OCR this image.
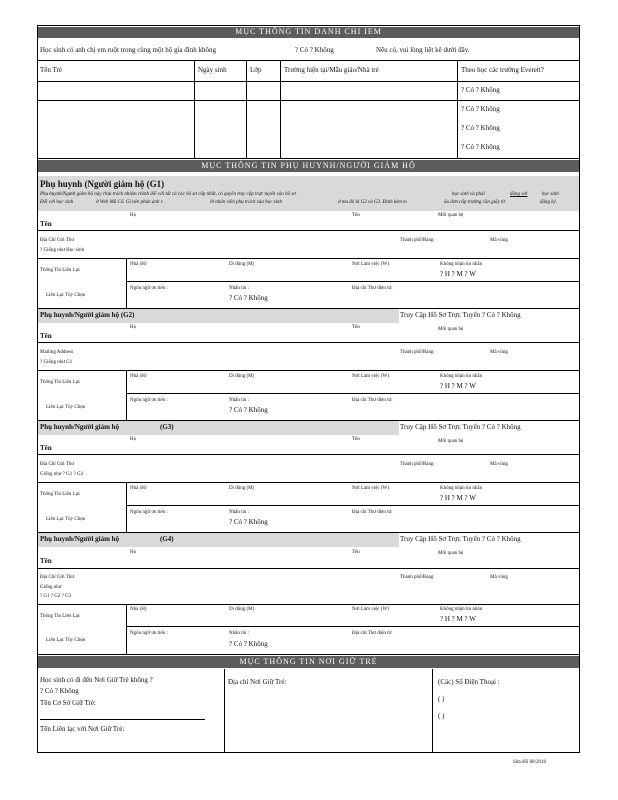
MỤC THÔNG TIN DANH CHI IEM
Học sinh có anh chị em ruột trong cùng một hộ gia đình không	? Có ? Không	Nếu có, vui lòng liệt kê dưới đây.
Tên Trẻ	Ngày sinh	Lớp	Trường hiện tại/Mẫu giáo/Nhà trẻ	Theo học các trường Everett?
? Có ? Không
? Có ? Không
? Có ? Không
? Có ? Không
MỤC THÔNG TIN PHỤ HUYNH/NGƯỜI GIÁM HỘ
Phụ huynh (Người giám hộ (G1)
Phụ huynh/Người giám hộ này chịu trách nhiệm chính đối với tất cả các hồ sơ cấp nhất, có quyền truy cập trực tuyến vào hồ sơ
Đối với học sinh	ở Web Mã Cổ. Gi nên phản ánh v	ới nhân viên phụ trách của học sinh	ở mu đó là G2 và G3. Đính kèm m
học sinh và phải	đăng với	học sinh
ẩu đơn cấp trường cần giấy tờ	đăng ký.
Họ	Tên	Mối quan hệ
Tên
Địa Chỉ Gửi Thư	Thành phố/Bang	Mã vùng
? Giống như Học sinh
Thông Tin Liên Lạc
Nhà (H)	Di động (M)	Nơi Làm việc (W)	Không nhận tin nhắn
? H ? M ? W
Liên Lạc Tùy Chọn
Ngôn ngữ ưu tiên :	Nhắn tin :
? Có ? Không
Địa chỉ Thư điện tử:
Phụ huynh/Người giám hộ (G2)	Truy Cập Hồ Sơ Trực Tuyến ? Có ? Không
Họ	Tên	Mối quan hệ
Tên
Mailing Address	Thành phố/Bang	Mã vùng
? Giống như G1
Thông Tin Liên Lạc
Nhà (H)	Di động (M)	Nơi Làm việc (W)	Không nhận tin nhắn
? H ? M ? W
Liên Lạc Tùy Chọn
Ngôn ngữ ưu tiên :	Nhắn tin :
? Có ? Không
Địa chỉ Thư điện tử:
Phụ huynh/Người giám hộ	(G3)	Truy Cập Hồ Sơ Trực Tuyến ? Có ? Không
Họ	Tên	Mối quan hệ
Tên
Địa Chỉ Gửi Thư	Thành phố/Bang	Mã vùng
Giống như ? G1 ? G2
Thông Tin Liên Lạc
Nhà (H)	Di động (M)	Nơi Làm việc (W)	Không nhận tin nhắn
? H ? M ? W
Liên Lạc Tùy Chọn
Ngôn ngữ ưu tiên :	Nhắn tin :
? Có ? Không
Địa chỉ Thư điện tử:
Phụ huynh/Người giám hộ	(G4)	Truy Cập Hồ Sơ Trực Tuyến ? Có ? Không
Họ	Tên	Mối quan hệ
Tên
Địa Chỉ Gửi Thư	Thành phố/Bang	Mã vùng
Giống như
? G1 ? G2 ? G3
Thông Tin Liên Lạc
Nhà (H)	Di động (M)	Nơi Làm việc (W)	Không nhận tin nhắn
? H ? M ? W
Liên Lạc Tùy Chọn
Ngôn ngữ ưu tiên :	Nhắn tin :
? Có ? Không
Địa chỉ Thư điện tử:
MỤC THÔNG TIN NƠI GIỮ TRẺ
Học sinh có đi đến Nơi Giữ Trẻ không ?
? Có ? Không
Tên Cơ Sở Giữ Trẻ:
Tên Liên lạc với Nơi Giữ Trẻ:
Địa chỉ Nơi Giữ Trẻ:	(Các) Số Điện Thoại :
( )
( )
Sửa đổi 08/2018
